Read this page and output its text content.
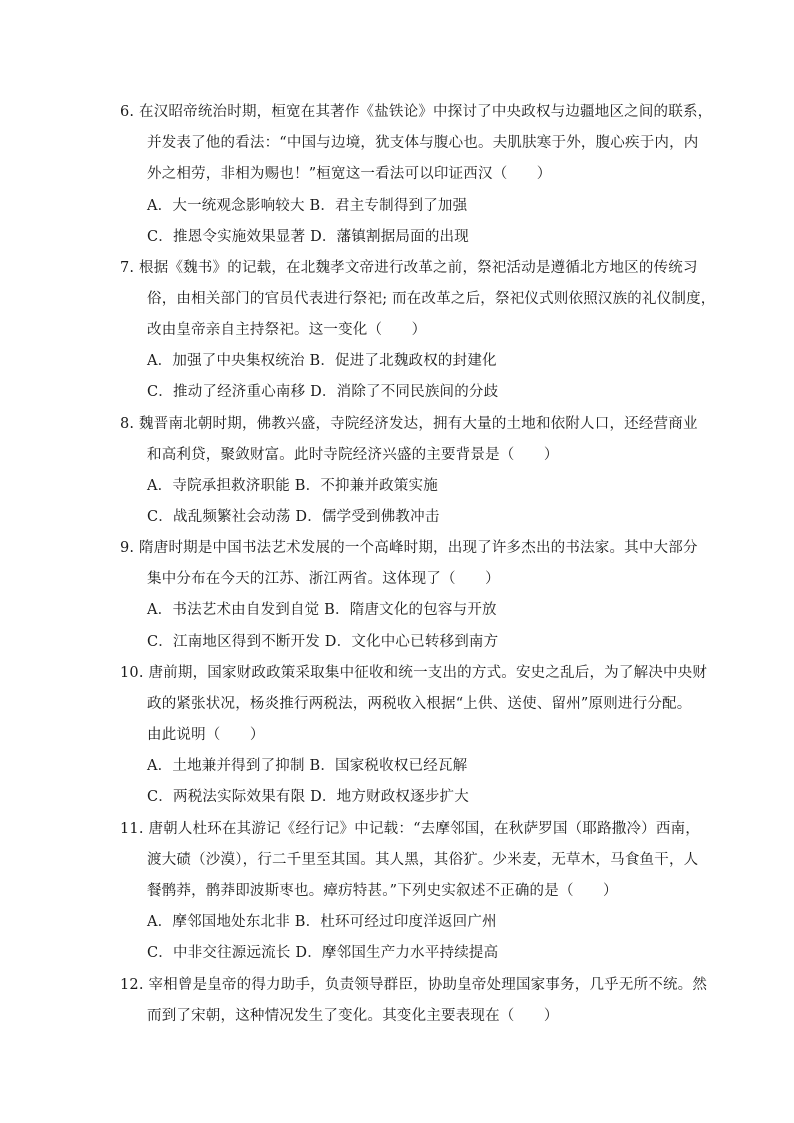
6. 在汉昭帝统治时期，桓宽在其著作《盐铁论》中探讨了中央政权与边疆地区之间的联系，
并发表了他的看法：“中国与边境，犹支体与腹心也。夫肌肤寒于外，腹心疾于内，内
外之相劳，非相为赐也！”桓宽这一看法可以印证西汉（　　）
A．大一统观念影响较大 B．君主专制得到了加强
C．推恩令实施效果显著 D．藩镇割据局面的出现
7. 根据《魏书》的记载，在北魏孝文帝进行改革之前，祭祀活动是遵循北方地区的传统习
俗，由相关部门的官员代表进行祭祀; 而在改革之后，祭祀仪式则依照汉族的礼仪制度，
改由皇帝亲自主持祭祀。这一变化（　　）
A．加强了中央集权统治 B．促进了北魏政权的封建化
C．推动了经济重心南移 D．消除了不同民族间的分歧
8. 魏晋南北朝时期，佛教兴盛，寺院经济发达，拥有大量的土地和依附人口，还经营商业
和高利贷，聚敛财富。此时寺院经济兴盛的主要背景是（　　）
A．寺院承担救济职能 B．不抑兼并政策实施
C．战乱频繁社会动荡 D．儒学受到佛教冲击
9. 隋唐时期是中国书法艺术发展的一个高峰时期，出现了许多杰出的书法家。其中大部分
集中分布在今天的江苏、浙江两省。这体现了（　　）
A．书法艺术由自发到自觉 B．隋唐文化的包容与开放
C．江南地区得到不断开发 D．文化中心已转移到南方
10. 唐前期，国家财政政策采取集中征收和统一支出的方式。安史之乱后，为了解决中央财
政的紧张状况，杨炎推行两税法，两税收入根据“上供、送使、留州”原则进行分配。
由此说明（　　）
A．土地兼并得到了抑制 B．国家税收权已经瓦解
C．两税法实际效果有限 D．地方财政权逐步扩大
11. 唐朝人杜环在其游记《经行记》中记载：“去摩邻国，在秋萨罗国（耶路撒冷）西南，
渡大碛（沙漠），行二千里至其国。其人黑，其俗犷。少米麦，无草木，马食鱼干，人
餐鹘莽，鹘莽即波斯枣也。瘴疠特甚。”下列史实叙述不正确的是（　　）
A．摩邻国地处东北非 B．杜环可经过印度洋返回广州
C．中非交往源远流长 D．摩邻国生产力水平持续提高
12. 宰相曾是皇帝的得力助手，负责领导群臣，协助皇帝处理国家事务，几乎无所不统。然
而到了宋朝，这种情况发生了变化。其变化主要表现在（　　）
